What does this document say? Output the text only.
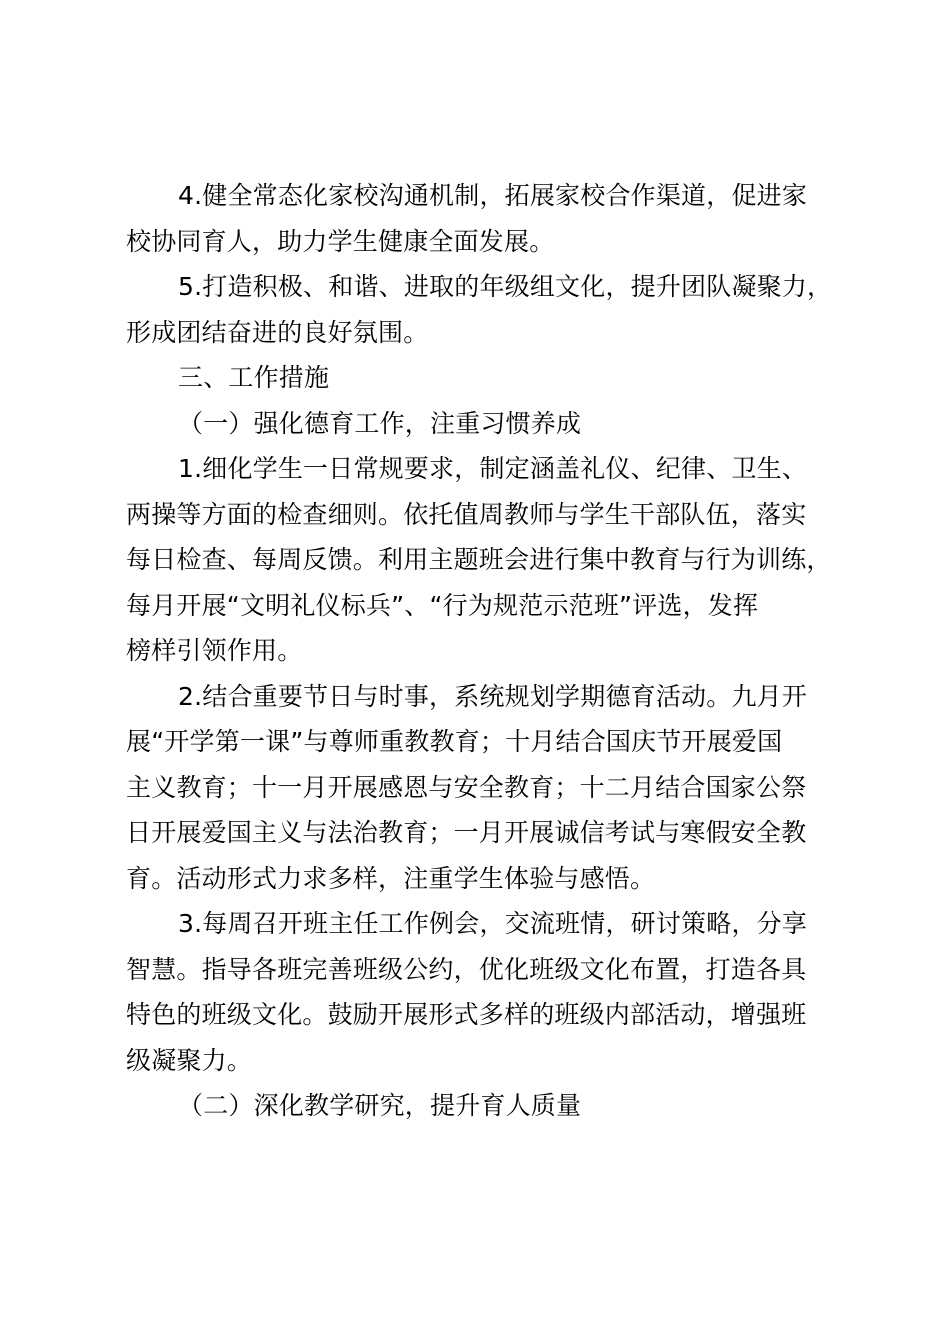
4.健全常态化家校沟通机制，拓展家校合作渠道，促进家
校协同育人，助力学生健康全面发展。

5.打造积极、和谐、进取的年级组文化，提升团队凝聚力，
形成团结奋进的良好氛围。

三、工作措施

（一）强化德育工作，注重习惯养成

1.细化学生一日常规要求，制定涵盖礼仪、纪律、卫生、
两操等方面的检查细则。依托值周教师与学生干部队伍，落实
每日检查、每周反馈。利用主题班会进行集中教育与行为训练，
每月开展“文明礼仪标兵”、“行为规范示范班”评选，发挥
榜样引领作用。

2.结合重要节日与时事，系统规划学期德育活动。九月开
展“开学第一课”与尊师重教教育；十月结合国庆节开展爱国
主义教育；十一月开展感恩与安全教育；十二月结合国家公祭
日开展爱国主义与法治教育；一月开展诚信考试与寒假安全教
育。活动形式力求多样，注重学生体验与感悟。

3.每周召开班主任工作例会，交流班情，研讨策略，分享
智慧。指导各班完善班级公约，优化班级文化布置，打造各具
特色的班级文化。鼓励开展形式多样的班级内部活动，增强班
级凝聚力。

（二）深化教学研究，提升育人质量
